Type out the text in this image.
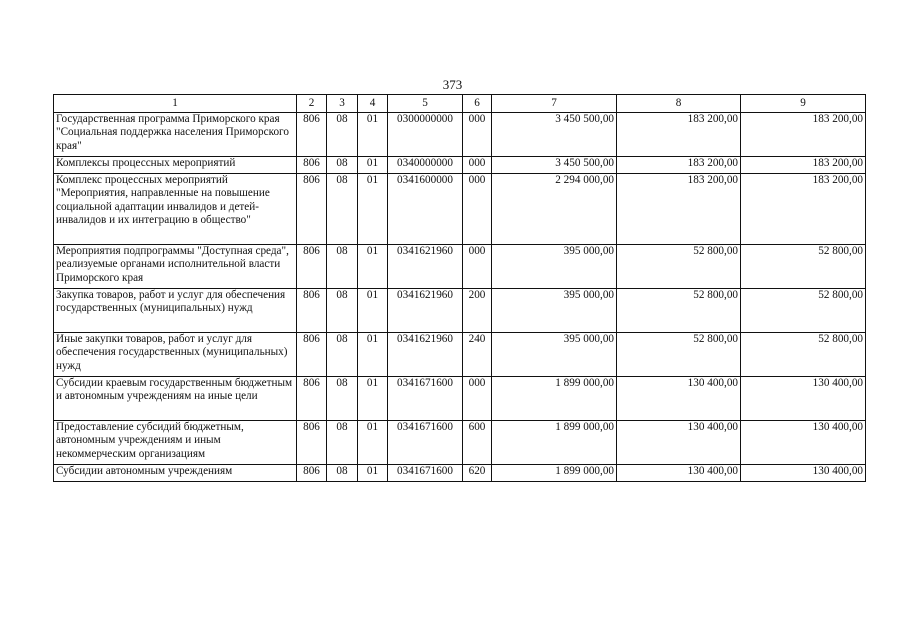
373
1	2	3	4	5	6	7	8	9
Государственная программа Приморского края "Социальная поддержка населения Приморского края"	806	08	01	0300000000	000	3 450 500,00	183 200,00	183 200,00
Комплексы процессных мероприятий	806	08	01	0340000000	000	3 450 500,00	183 200,00	183 200,00
Комплекс процессных мероприятий "Мероприятия, направленные на повышение социальной адаптации инвалидов и детей-инвалидов и их интеграцию в общество"	806	08	01	0341600000	000	2 294 000,00	183 200,00	183 200,00
Мероприятия подпрограммы "Доступная среда", реализуемые органами исполнительной власти Приморского края	806	08	01	0341621960	000	395 000,00	52 800,00	52 800,00
Закупка товаров, работ и услуг для обеспечения государственных (муниципальных) нужд	806	08	01	0341621960	200	395 000,00	52 800,00	52 800,00
Иные закупки товаров, работ и услуг для обеспечения государственных (муниципальных) нужд	806	08	01	0341621960	240	395 000,00	52 800,00	52 800,00
Субсидии краевым государственным бюджетным и автономным учреждениям на иные цели	806	08	01	0341671600	000	1 899 000,00	130 400,00	130 400,00
Предоставление субсидий бюджетным, автономным учреждениям и иным некоммерческим организациям	806	08	01	0341671600	600	1 899 000,00	130 400,00	130 400,00
Субсидии автономным учреждениям	806	08	01	0341671600	620	1 899 000,00	130 400,00	130 400,00
